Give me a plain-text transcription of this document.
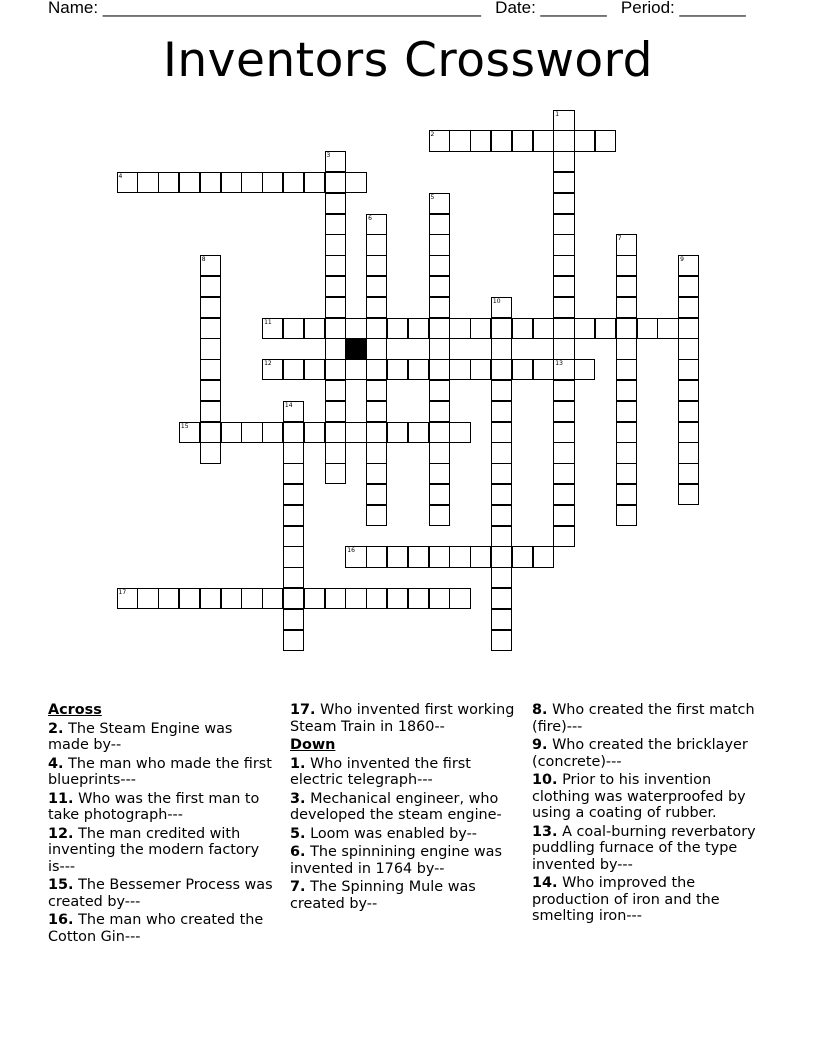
Name: ________________________________________ Date: _______ Period: _______
Inventors Crossword
1
13
2
3
4
5
6
7
8	9
10
11
12
14
15
16
17
Across
2. The Steam Engine was made by--
4. The man who made the first blueprints---
11. Who was the first man to take photograph---
12. The man credited with inventing the modern factory is---
15. The Bessemer Process was created by---
16. The man who created the Cotton Gin---
17. Who invented first working Steam Train in 1860--
Down
1. Who invented the first electric telegraph---
3. Mechanical engineer, who developed the steam engine-
5. Loom was enabled by--
6. The spinnining engine was invented in 1764 by--
7. The Spinning Mule was created by--
8. Who created the first match (fire)---
9. Who created the bricklayer (concrete)---
10. Prior to his invention clothing was waterproofed by using a coating of rubber.
13. A coal-burning reverbatory puddling furnace of the type invented by---
14. Who improved the production of iron and the smelting iron---
